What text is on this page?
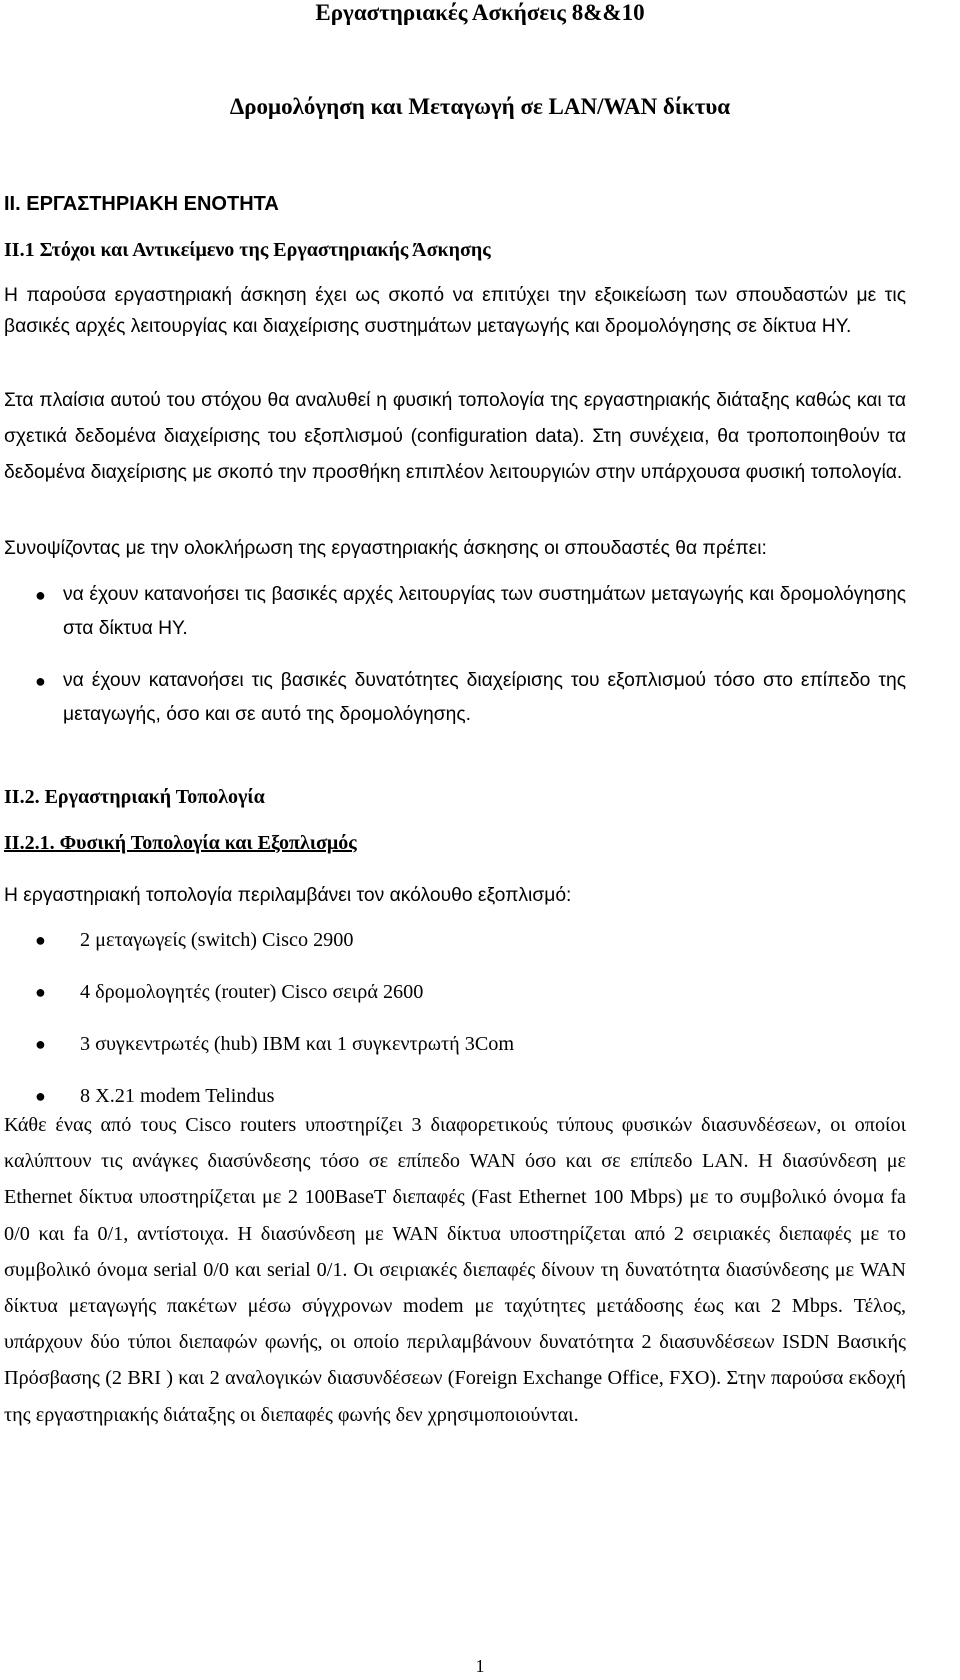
Εργαστηριακές Ασκήσεις 8&&10
Δρομολόγηση και Μεταγωγή σε LAN/WAN δίκτυα
ΙΙ. ΕΡΓΑΣΤΗΡΙΑΚΗ ΕΝΟΤΗΤΑ
ΙΙ.1 Στόχοι και Αντικείμενο της Εργαστηριακής Άσκησης

Η παρούσα εργαστηριακή άσκηση έχει ως σκοπό να επιτύχει την εξοικείωση των σπουδαστών με τις βασικές αρχές λειτουργίας και διαχείρισης συστημάτων μεταγωγής και δρομολόγησης σε δίκτυα ΗΥ.

Στα πλαίσια αυτού του στόχου θα αναλυθεί η φυσική τοπολογία της εργαστηριακής διάταξης καθώς και τα σχετικά δεδομένα διαχείρισης του εξοπλισμού (configuration data). Στη συνέχεια, θα τροποποιηθούν τα δεδομένα διαχείρισης με σκοπό την προσθήκη επιπλέον λειτουργιών στην υπάρχουσα φυσική τοπολογία.

Συνοψίζοντας με την ολοκλήρωση της εργαστηριακής άσκησης οι σπουδαστές θα πρέπει:

● να έχουν κατανοήσει τις βασικές αρχές λειτουργίας των συστημάτων μεταγωγής και δρομολόγησης στα δίκτυα ΗΥ.
● να έχουν κατανοήσει τις βασικές δυνατότητες διαχείρισης του εξοπλισμού τόσο στο επίπεδο της μεταγωγής, όσο και σε αυτό της δρομολόγησης.
ΙΙ.2. Εργαστηριακή Τοπολογία
ΙΙ.2.1. Φυσική Τοπολογία και Εξοπλισμός

Η εργαστηριακή τοπολογία περιλαμβάνει τον ακόλουθο εξοπλισμό:

● 2 μεταγωγείς (switch) Cisco 2900
● 4 δρομολογητές (router) Cisco σειρά 2600
● 3 συγκεντρωτές (hub) IBM και 1 συγκεντρωτή 3Com
● 8 X.21 modem Telindus

Κάθε ένας από τους Cisco routers υποστηρίζει 3 διαφορετικούς τύπους φυσικών διασυνδέσεων, οι οποίοι καλύπτουν τις ανάγκες διασύνδεσης τόσο σε επίπεδο WAN όσο και σε επίπεδο LAN. Η διασύνδεση με Ethernet δίκτυα υποστηρίζεται με 2 100BaseT διεπαφές (Fast Ethernet 100 Mbps) με το συμβολικό όνομα fa 0/0 και fa 0/1, αντίστοιχα. Η διασύνδεση με WAN δίκτυα υποστηρίζεται από 2 σειριακές διεπαφές με το συμβολικό όνομα serial 0/0 και serial 0/1. Οι σειριακές διεπαφές δίνουν τη δυνατότητα διασύνδεσης με WAN δίκτυα μεταγωγής πακέτων μέσω σύγχρονων modem με ταχύτητες μετάδοσης έως και 2 Mbps. Τέλος, υπάρχουν δύο τύποι διεπαφών φωνής, οι οποίο περιλαμβάνουν δυνατότητα 2 διασυνδέσεων ISDN Βασικής Πρόσβασης (2 BRI ) και 2 αναλογικών διασυνδέσεων (Foreign Exchange Office, FXO). Στην παρούσα εκδοχή της εργαστηριακής διάταξης οι διεπαφές φωνής δεν χρησιμοποιούνται.

1
